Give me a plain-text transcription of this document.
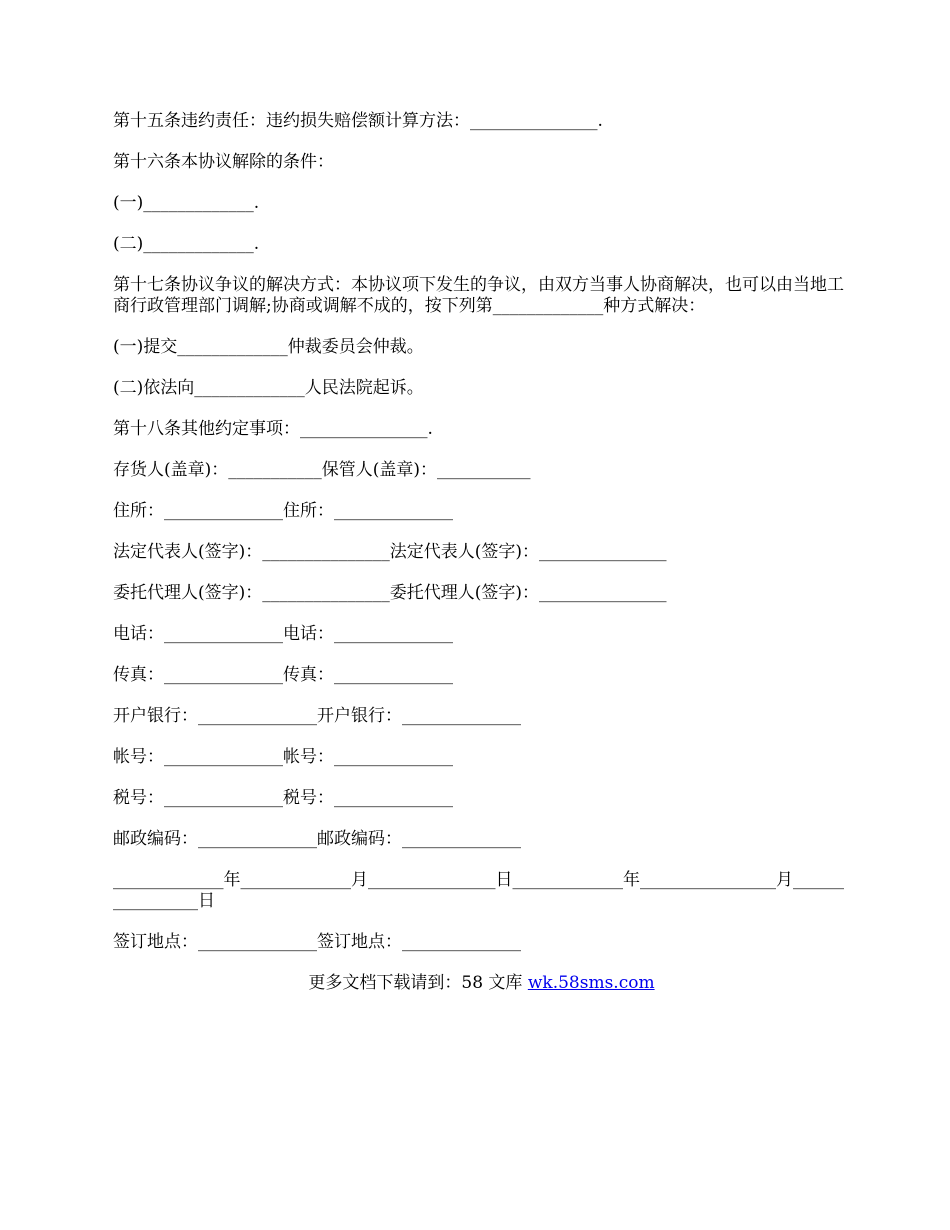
第十五条违约责任：违约损失赔偿额计算方法：_______________.
第十六条本协议解除的条件：
(一)_____________.
(二)_____________.
第十七条协议争议的解决方式：本协议项下发生的争议，由双方当事人协商解决，也可以由当地工商行政管理部门调解;协商或调解不成的，按下列第_____________种方式解决：
(一)提交_____________仲裁委员会仲裁。
(二)依法向_____________人民法院起诉。
第十八条其他约定事项：_______________.
存货人(盖章)：___________保管人(盖章)：___________
住所：______________住所：______________
法定代表人(签字)：_______________法定代表人(签字)：_______________
委托代理人(签字)：_______________委托代理人(签字)：_______________
电话：______________电话：______________
传真：______________传真：______________
开户银行：______________开户银行：______________
帐号：______________帐号：______________
税号：______________税号：______________
邮政编码：______________邮政编码：______________
_____________年_____________月_______________日_____________年________________月________________日
签订地点：______________签订地点：______________
更多文档下载请到：58 文库 wk.58sms.com
